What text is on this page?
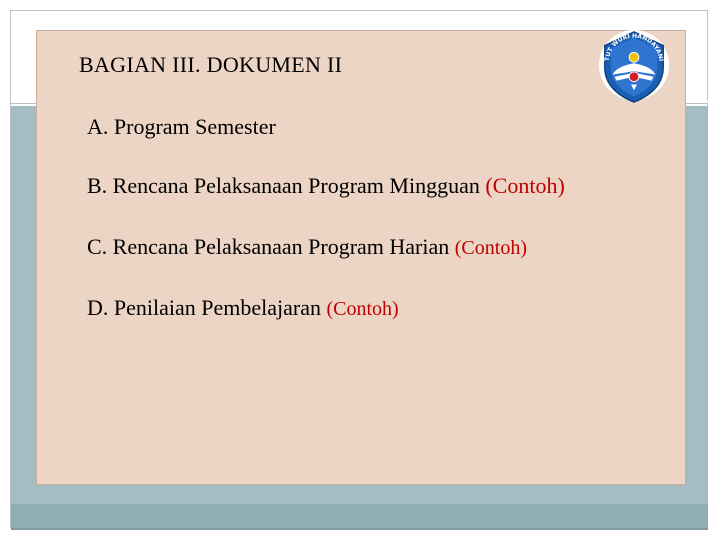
BAGIAN III. DOKUMEN II
A. Program Semester
B. Rencana Pelaksanaan Program Mingguan (Contoh)
C. Rencana Pelaksanaan Program Harian (Contoh)
D. Penilaian Pembelajaran (Contoh)
TUT WURI HANDAYANI
